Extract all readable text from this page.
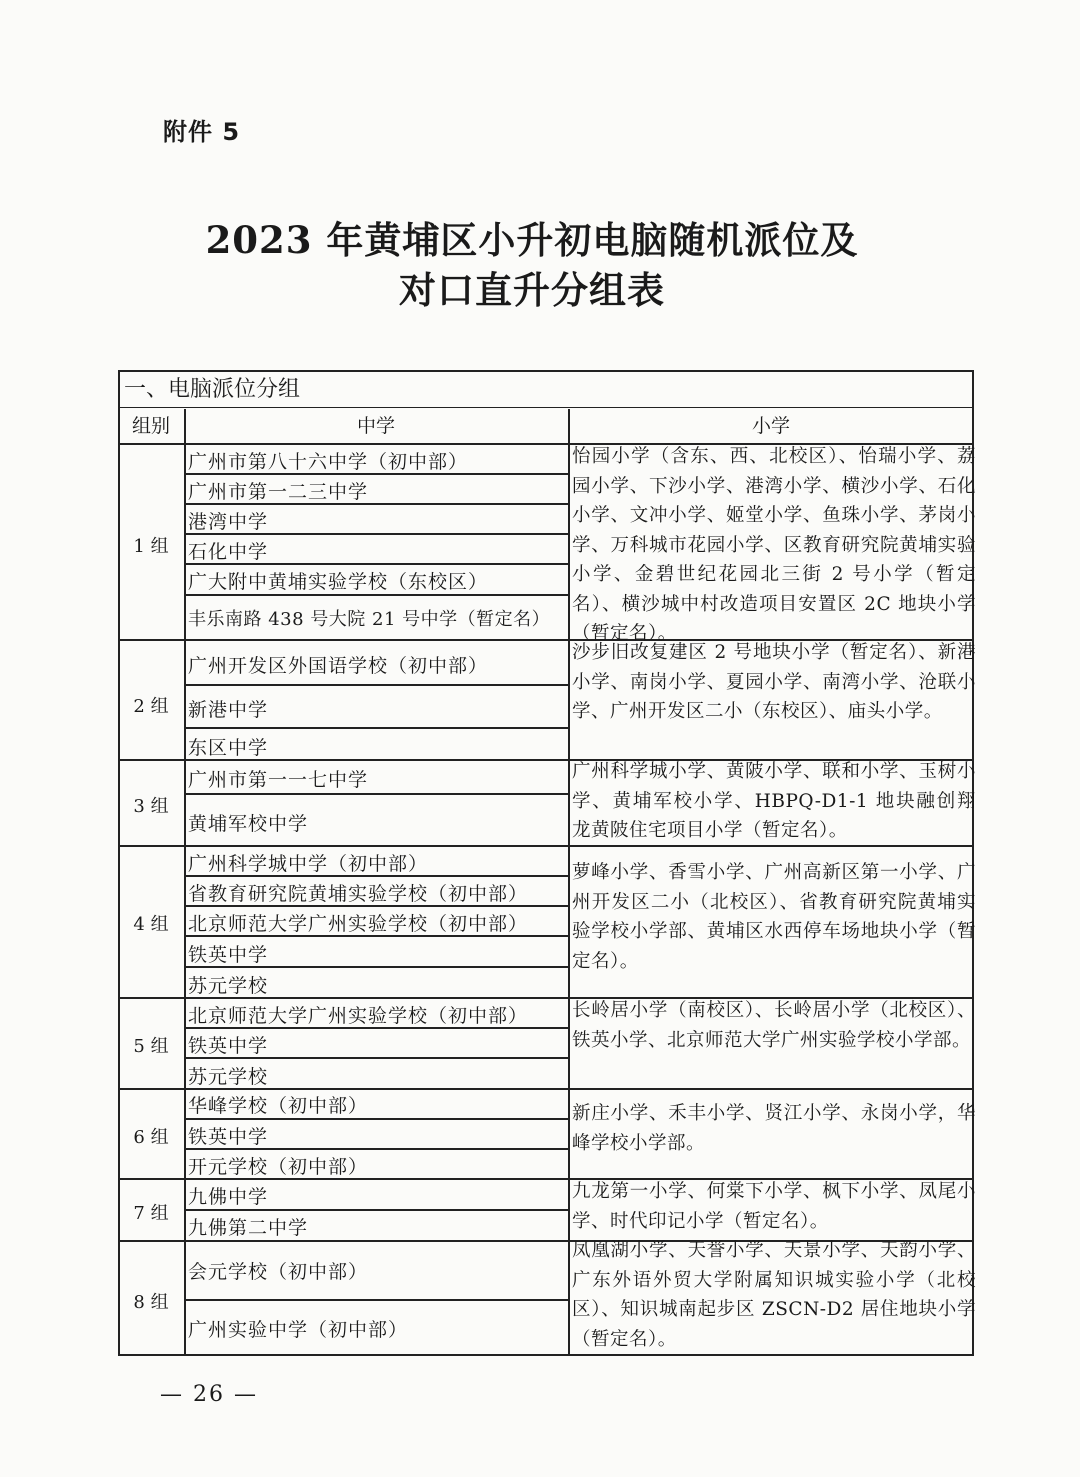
附件 5
2023 年黄埔区小升初电脑随机派位及
对口直升分组表
一、电脑派位分组
组别	中学	小学
1 组
广州市第八十六中学（初中部）
广州市第一二三中学
港湾中学
石化中学
广大附中黄埔实验学校（东校区）
丰乐南路 438 号大院 21 号中学（暂定名）
怡园小学（含东、西、北校区）、怡瑞小学、荔园小学、下沙小学、港湾小学、横沙小学、石化小学、文冲小学、姬堂小学、鱼珠小学、茅岗小学、万科城市花园小学、区教育研究院黄埔实验小学、金碧世纪花园北三街 2 号小学（暂定名）、横沙城中村改造项目安置区 2C 地块小学（暂定名）。
2 组
广州开发区外国语学校（初中部）
新港中学
东区中学
沙步旧改复建区 2 号地块小学（暂定名）、新港小学、南岗小学、夏园小学、南湾小学、沧联小学、广州开发区二小（东校区）、庙头小学。
3 组
广州市第一一七中学
黄埔军校中学
广州科学城小学、黄陂小学、联和小学、玉树小学、黄埔军校小学、HBPQ-D1-1 地块融创翔龙黄陂住宅项目小学（暂定名）。
4 组
广州科学城中学（初中部）
省教育研究院黄埔实验学校（初中部）
北京师范大学广州实验学校（初中部）
铁英中学
苏元学校
萝峰小学、香雪小学、广州高新区第一小学、广州开发区二小（北校区）、省教育研究院黄埔实验学校小学部、黄埔区水西停车场地块小学（暂定名）。
5 组
北京师范大学广州实验学校（初中部）
铁英中学
苏元学校
长岭居小学（南校区）、长岭居小学（北校区）、铁英小学、北京师范大学广州实验学校小学部。
6 组
华峰学校（初中部）
铁英中学
开元学校（初中部）
新庄小学、禾丰小学、贤江小学、永岗小学，华峰学校小学部。
7 组
九佛中学
九佛第二中学
九龙第一小学、何棠下小学、枫下小学、凤尾小学、时代印记小学（暂定名）。
8 组
会元学校（初中部）
广州实验中学（初中部）
凤凰湖小学、天誉小学、天景小学、天韵小学、广东外语外贸大学附属知识城实验小学（北校区）、知识城南起步区 ZSCN-D2 居住地块小学（暂定名）。
— 26 —
